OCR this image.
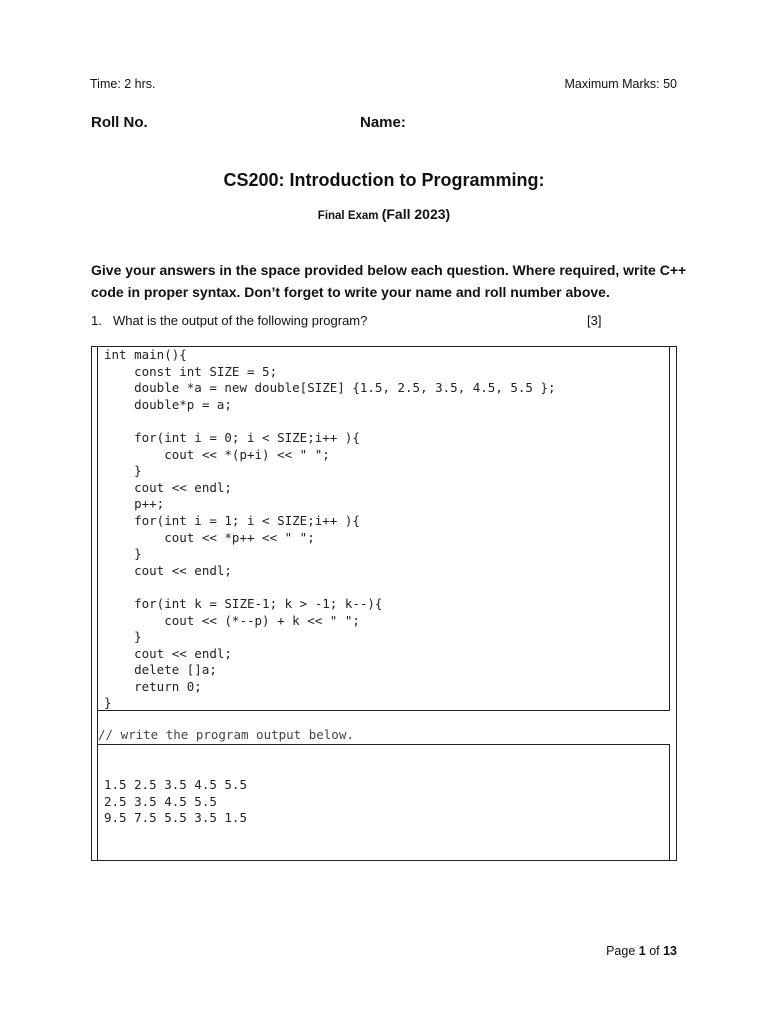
Time: 2 hrs.	Maximum Marks: 50
Roll No.	Name:
CS200: Introduction to Programming:
Final Exam (Fall 2023)
Give your answers in the space provided below each question. Where required, write C++ code in proper syntax. Don’t forget to write your name and roll number above.
1. What is the output of the following program?	[3]
int main(){
const int SIZE = 5;
double *a = new double[SIZE] {1.5, 2.5, 3.5, 4.5, 5.5 };
double*p = a;

for(int i = 0; i < SIZE;i++ ){
cout << *(p+i) << " ";
}
cout << endl;
p++;
for(int i = 1; i < SIZE;i++ ){
cout << *p++ << " ";
}
cout << endl;

for(int k = SIZE-1; k > -1; k--){
cout << (*--p) + k << " ";
}
cout << endl;
delete []a;
return 0;
}
// write the program output below.
1.5 2.5 3.5 4.5 5.5
2.5 3.5 4.5 5.5
9.5 7.5 5.5 3.5 1.5
Page 1 of 13
